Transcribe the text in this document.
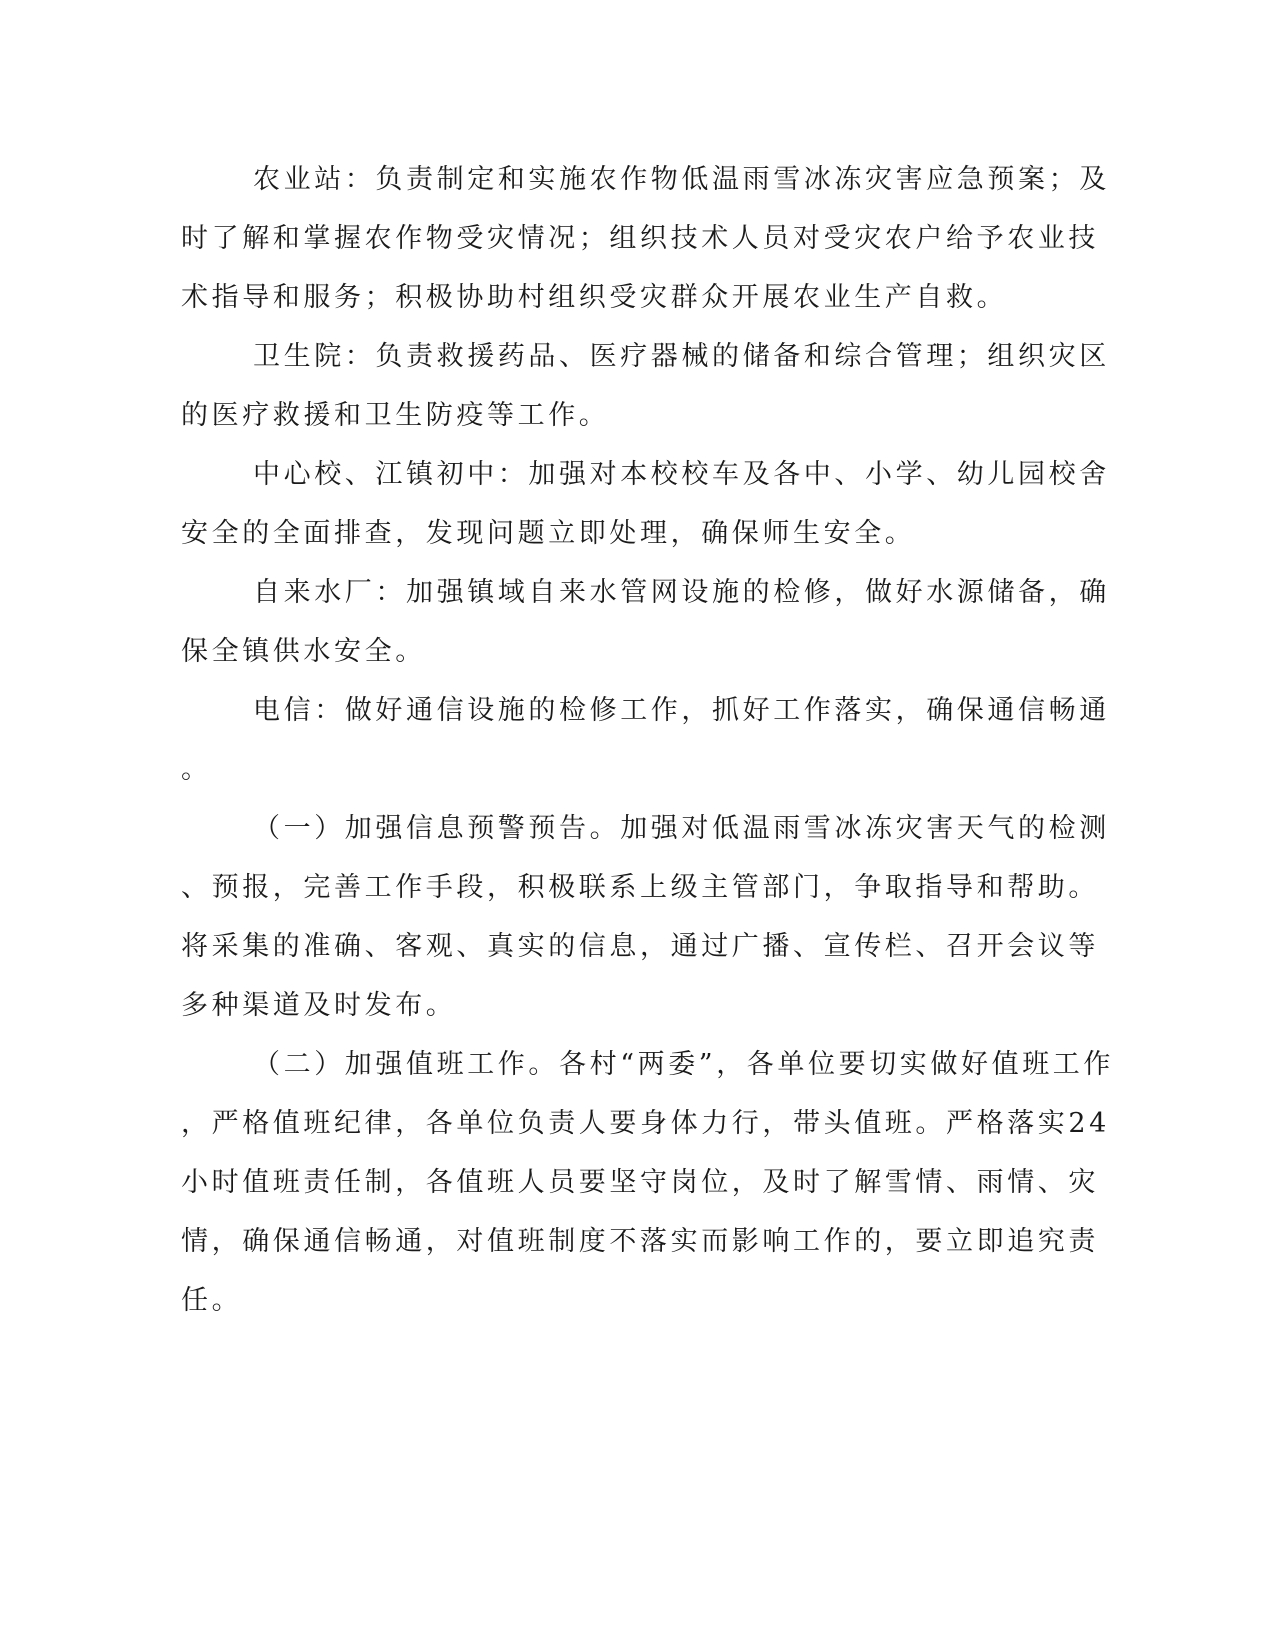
农业站：负责制定和实施农作物低温雨雪冰冻灾害应急预案；及
时了解和掌握农作物受灾情况；组织技术人员对受灾农户给予农业技
术指导和服务；积极协助村组织受灾群众开展农业生产自救。
卫生院：负责救援药品、医疗器械的储备和综合管理；组织灾区
的医疗救援和卫生防疫等工作。
中心校、江镇初中：加强对本校校车及各中、小学、幼儿园校舍
安全的全面排查，发现问题立即处理，确保师生安全。
自来水厂：加强镇域自来水管网设施的检修，做好水源储备，确
保全镇供水安全。
电信：做好通信设施的检修工作，抓好工作落实，确保通信畅通
。
（一）加强信息预警预告。加强对低温雨雪冰冻灾害天气的检测
、预报，完善工作手段，积极联系上级主管部门，争取指导和帮助。
将采集的准确、客观、真实的信息，通过广播、宣传栏、召开会议等
多种渠道及时发布。
（二）加强值班工作。各村“两委”，各单位要切实做好值班工作
，严格值班纪律，各单位负责人要身体力行，带头值班。严格落实24
小时值班责任制，各值班人员要坚守岗位，及时了解雪情、雨情、灾
情，确保通信畅通，对值班制度不落实而影响工作的，要立即追究责
任。
